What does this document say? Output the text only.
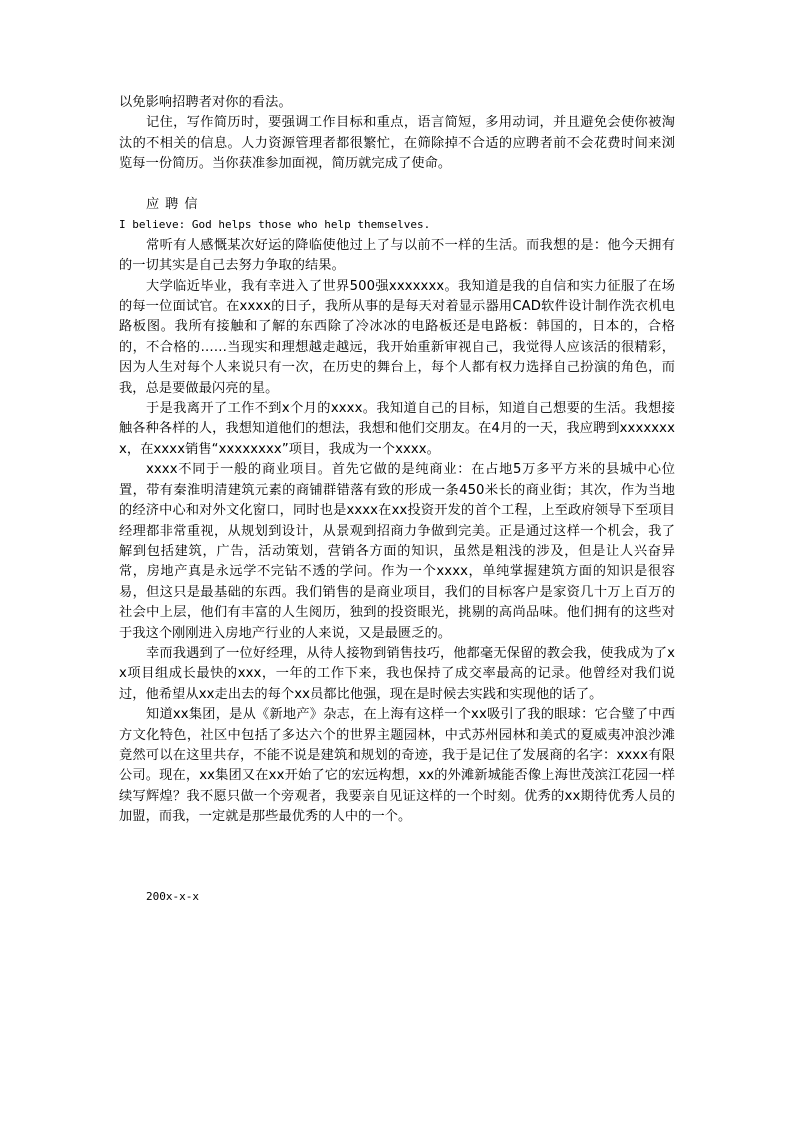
以免影响招聘者对你的看法。

记住，写作简历时，要强调工作目标和重点，语言简短，多用动词，并且避免会使你被淘汰的不相关的信息。人力资源管理者都很繁忙，在筛除掉不合适的应聘者前不会花费时间来浏览每一份简历。当你获准参加面视，简历就完成了使命。

应聘信

I believe: God helps those who help themselves.

常听有人感慨某次好运的降临使他过上了与以前不一样的生活。而我想的是：他今天拥有的一切其实是自己去努力争取的结果。

大学临近毕业，我有幸进入了世界500强xxxxxxx。我知道是我的自信和实力征服了在场的每一位面试官。在xxxx的日子，我所从事的是每天对着显示器用CAD软件设计制作洗衣机电路板图。我所有接触和了解的东西除了冷冰冰的电路板还是电路板：韩国的，日本的，合格的，不合格的……当现实和理想越走越远，我开始重新审视自己，我觉得人应该活的很精彩，因为人生对每个人来说只有一次，在历史的舞台上，每个人都有权力选择自己扮演的角色，而我，总是要做最闪亮的星。

于是我离开了工作不到x个月的xxxx。我知道自己的目标，知道自己想要的生活。我想接触各种各样的人，我想知道他们的想法，我想和他们交朋友。在4月的一天，我应聘到xxxxxxxx，在xxxx销售“xxxxxxxx”项目，我成为一个xxxx。

xxxx不同于一般的商业项目。首先它做的是纯商业：在占地5万多平方米的县城中心位置，带有秦淮明清建筑元素的商铺群错落有致的形成一条450米长的商业街；其次，作为当地的经济中心和对外文化窗口，同时也是xxxx在xx投资开发的首个工程，上至政府领导下至项目经理都非常重视，从规划到设计，从景观到招商力争做到完美。正是通过这样一个机会，我了解到包括建筑，广告，活动策划，营销各方面的知识，虽然是粗浅的涉及，但是让人兴奋异常，房地产真是永远学不完钻不透的学问。作为一个xxxx，单纯掌握建筑方面的知识是很容易，但这只是最基础的东西。我们销售的是商业项目，我们的目标客户是家资几十万上百万的社会中上层，他们有丰富的人生阅历，独到的投资眼光，挑剔的高尚品味。他们拥有的这些对于我这个刚刚进入房地产行业的人来说，又是最匮乏的。

幸而我遇到了一位好经理，从待人接物到销售技巧，他都毫无保留的教会我，使我成为了xx项目组成长最快的xxx，一年的工作下来，我也保持了成交率最高的记录。他曾经对我们说过，他希望从xx走出去的每个xx员都比他强，现在是时候去实践和实现他的话了。

知道xx集团，是从《新地产》杂志，在上海有这样一个xx吸引了我的眼球：它合璧了中西方文化特色，社区中包括了多达六个的世界主题园林，中式苏州园林和美式的夏威夷冲浪沙滩竟然可以在这里共存，不能不说是建筑和规划的奇迹，我于是记住了发展商的名字：xxxx有限公司。现在，xx集团又在xx开始了它的宏远构想，xx的外滩新城能否像上海世茂滨江花园一样续写辉煌？我不愿只做一个旁观者，我要亲自见证这样的一个时刻。优秀的xx期待优秀人员的加盟，而我，一定就是那些最优秀的人中的一个。

200x-x-x
